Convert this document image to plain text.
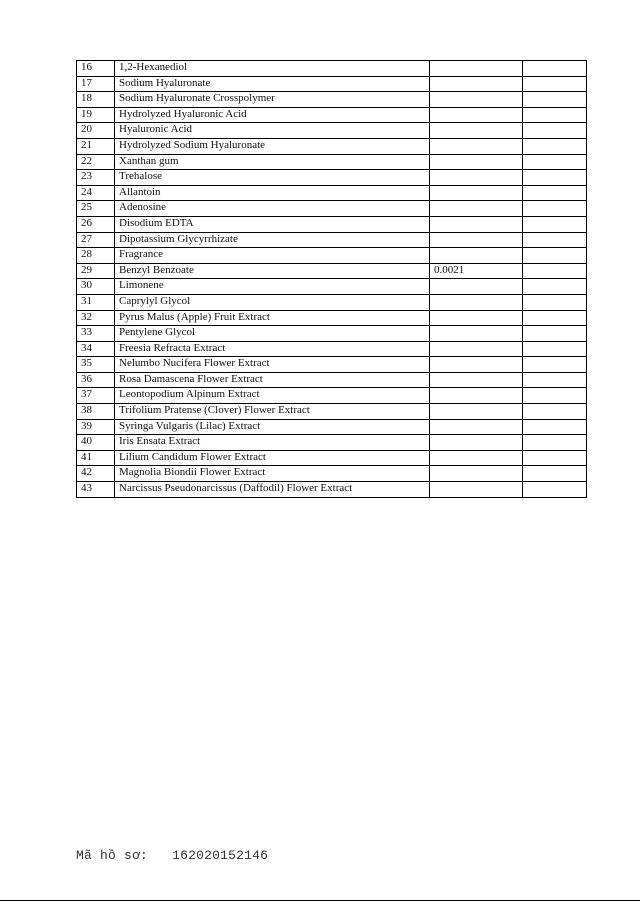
16	1,2-Hexanediol		
17	Sodium Hyaluronate		
18	Sodium Hyaluronate Crosspolymer		
19	Hydrolyzed Hyaluronic Acid		
20	Hyaluronic Acid		
21	Hydrolyzed Sodium Hyaluronate		
22	Xanthan gum		
23	Trehalose		
24	Allantoin		
25	Adenosine		
26	Disodium EDTA		
27	Dipotassium Glycyrrhizate		
28	Fragrance		
29	Benzyl Benzoate	0.0021	
30	Limonene		
31	Caprylyl Glycol		
32	Pyrus Malus (Apple) Fruit Extract		
33	Pentylene Glycol		
34	Freesia Refracta Extract		
35	Nelumbo Nucifera Flower Extract		
36	Rosa Damascena Flower Extract		
37	Leontopodium Alpinum Extract		
38	Trifolium Pratense (Clover) Flower Extract		
39	Syringa Vulgaris (Lilac) Extract		
40	Iris Ensata Extract		
41	Lilium Candidum Flower Extract		
42	Magnolia Biondii Flower Extract		
43	Narcissus Pseudonarcissus (Daffodil) Flower Extract		
Mã hồ sơ: 162020152146
